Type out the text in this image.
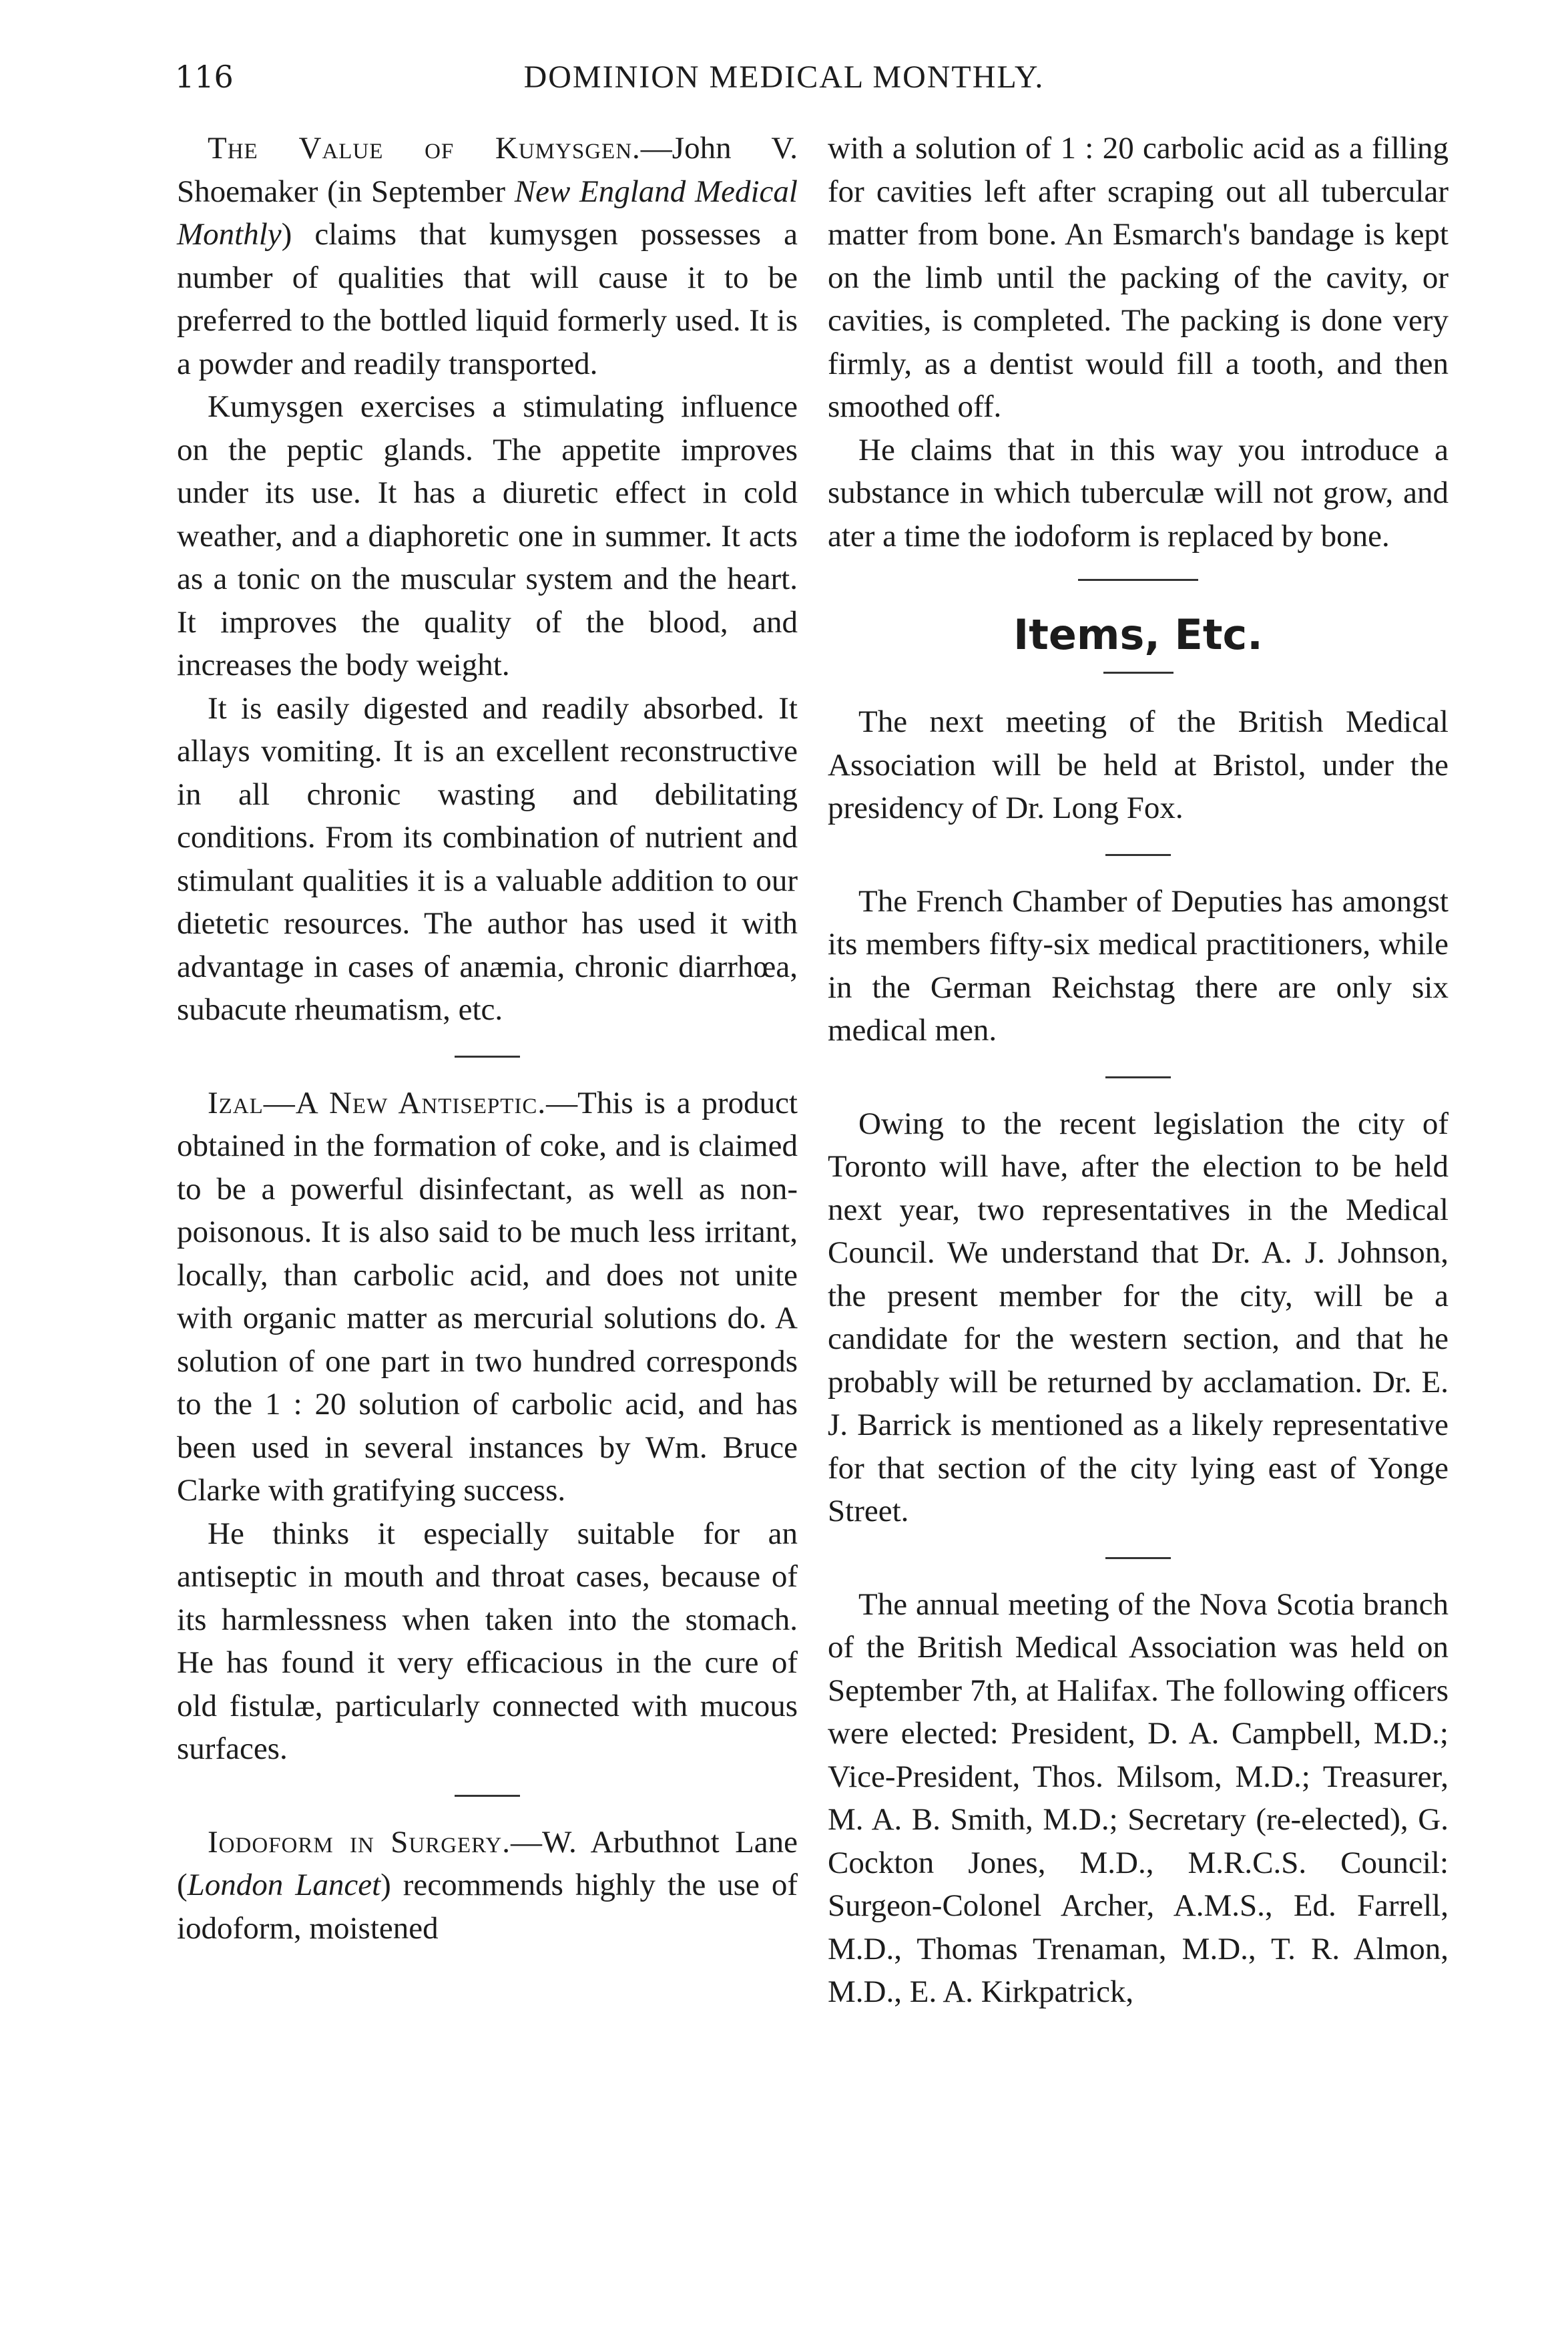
116	DOMINION MEDICAL MONTHLY.

The Value of Kumysgen.—John V. Shoemaker (in September New England Medical Monthly) claims that kumysgen possesses a number of qualities that will cause it to be preferred to the bottled liquid formerly used. It is a powder and readily transported.

Kumysgen exercises a stimulating influence on the peptic glands. The appetite improves under its use. It has a diuretic effect in cold weather, and a diaphoretic one in summer. It acts as a tonic on the muscular system and the heart. It improves the quality of the blood, and increases the body weight.

It is easily digested and readily absorbed. It allays vomiting. It is an excellent reconstructive in all chronic wasting and debilitating conditions. From its combination of nutrient and stimulant qualities it is a valuable addition to our dietetic resources. The author has used it with advantage in cases of anæmia, chronic diarrhœa, subacute rheumatism, etc.

Izal—A New Antiseptic.—This is a product obtained in the formation of coke, and is claimed to be a powerful disinfectant, as well as non-poisonous. It is also said to be much less irritant, locally, than carbolic acid, and does not unite with organic matter as mercurial solutions do. A solution of one part in two hundred corresponds to the 1 : 20 solution of carbolic acid, and has been used in several instances by Wm. Bruce Clarke with gratifying success.

He thinks it especially suitable for an antiseptic in mouth and throat cases, because of its harmlessness when taken into the stomach. He has found it very efficacious in the cure of old fistulæ, particularly connected with mucous surfaces.

Iodoform in Surgery.—W. Arbuthnot Lane (London Lancet) recommends highly the use of iodoform, moistened

with a solution of 1 : 20 carbolic acid as a filling for cavities left after scraping out all tubercular matter from bone. An Esmarch's bandage is kept on the limb until the packing of the cavity, or cavities, is completed. The packing is done very firmly, as a dentist would fill a tooth, and then smoothed off.

He claims that in this way you introduce a substance in which tuberculæ will not grow, and ater a time the iodoform is replaced by bone.

Items, Etc.

The next meeting of the British Medical Association will be held at Bristol, under the presidency of Dr. Long Fox.

The French Chamber of Deputies has amongst its members fifty-six medical practitioners, while in the German Reichstag there are only six medical men.

Owing to the recent legislation the city of Toronto will have, after the election to be held next year, two representatives in the Medical Council. We understand that Dr. A. J. Johnson, the present member for the city, will be a candidate for the western section, and that he probably will be returned by acclamation. Dr. E. J. Barrick is mentioned as a likely representative for that section of the city lying east of Yonge Street.

The annual meeting of the Nova Scotia branch of the British Medical Association was held on September 7th, at Halifax. The following officers were elected: President, D. A. Campbell, M.D.; Vice-President, Thos. Milsom, M.D.; Treasurer, M. A. B. Smith, M.D.; Secretary (re-elected), G. Cockton Jones, M.D., M.R.C.S. Council: Surgeon-Colonel Archer, A.M.S., Ed. Farrell, M.D., Thomas Trenaman, M.D., T. R. Almon, M.D., E. A. Kirkpatrick,
